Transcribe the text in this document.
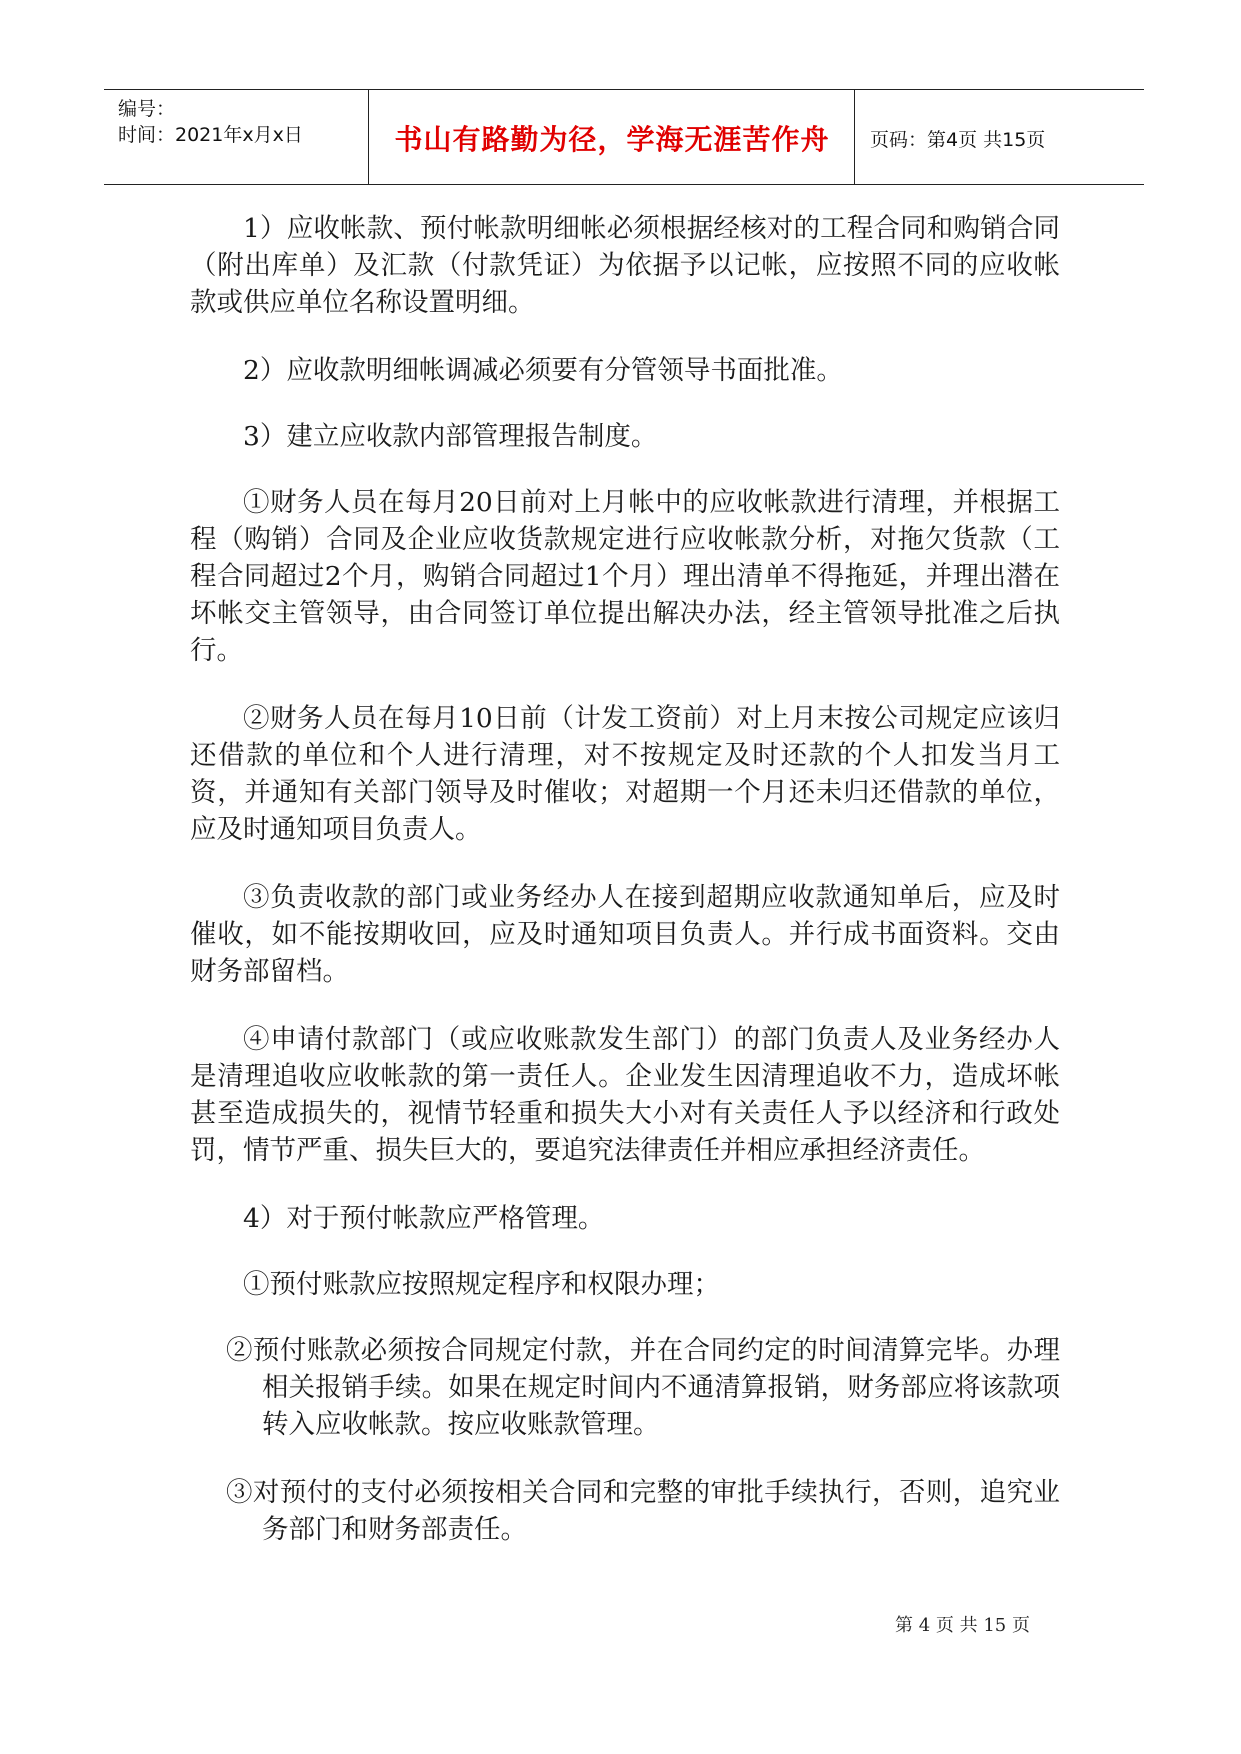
编号：
时间：2021年x月x日	书山有路勤为径，学海无涯苦作舟	页码：第4页 共15页

1）应收帐款、预付帐款明细帐必须根据经核对的工程合同和购销合同（附出库单）及汇款（付款凭证）为依据予以记帐，应按照不同的应收帐款或供应单位名称设置明细。

2）应收款明细帐调减必须要有分管领导书面批准。

3）建立应收款内部管理报告制度。

①财务人员在每月20日前对上月帐中的应收帐款进行清理，并根据工程（购销）合同及企业应收货款规定进行应收帐款分析，对拖欠货款（工程合同超过2个月，购销合同超过1个月）理出清单不得拖延，并理出潜在坏帐交主管领导，由合同签订单位提出解决办法，经主管领导批准之后执行。

②财务人员在每月10日前（计发工资前）对上月末按公司规定应该归还借款的单位和个人进行清理，对不按规定及时还款的个人扣发当月工资，并通知有关部门领导及时催收；对超期一个月还未归还借款的单位，应及时通知项目负责人。

③负责收款的部门或业务经办人在接到超期应收款通知单后，应及时催收，如不能按期收回，应及时通知项目负责人。并行成书面资料。交由财务部留档。

④申请付款部门（或应收账款发生部门）的部门负责人及业务经办人是清理追收应收帐款的第一责任人。企业发生因清理追收不力，造成坏帐甚至造成损失的，视情节轻重和损失大小对有关责任人予以经济和行政处罚，情节严重、损失巨大的，要追究法律责任并相应承担经济责任。

4）对于预付帐款应严格管理。

①预付账款应按照规定程序和权限办理；

②预付账款必须按合同规定付款，并在合同约定的时间清算完毕。办理相关报销手续。如果在规定时间内不通清算报销，财务部应将该款项转入应收帐款。按应收账款管理。

③对预付的支付必须按相关合同和完整的审批手续执行，否则，追究业务部门和财务部责任。

第 4 页 共 15 页
